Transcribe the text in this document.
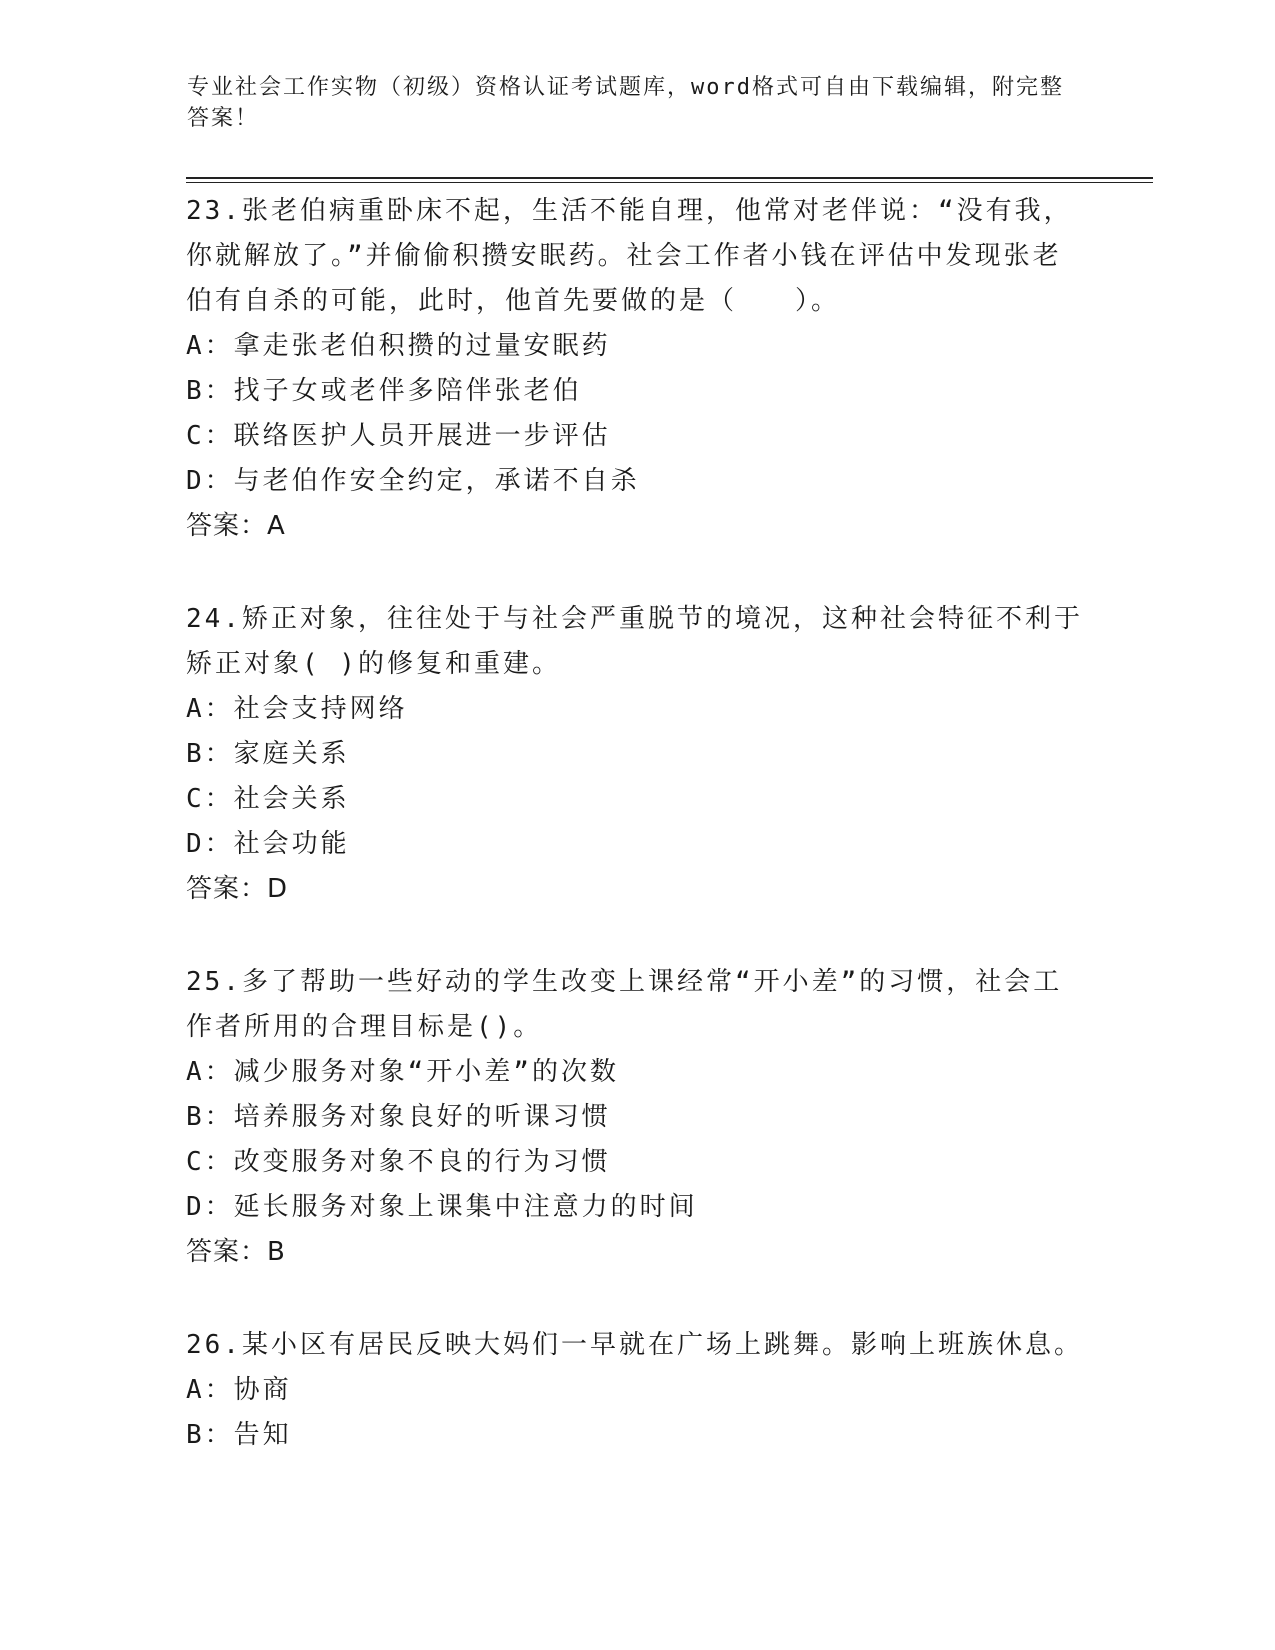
专业社会工作实物（初级）资格认证考试题库，word格式可自由下载编辑，附完整答案！

23.张老伯病重卧床不起，生活不能自理，他常对老伴说：“没有我，你就解放了。”并偷偷积攒安眠药。社会工作者小钱在评估中发现张老伯有自杀的可能，此时，他首先要做的是（　　）。

A：拿走张老伯积攒的过量安眠药

B：找子女或老伴多陪伴张老伯

C：联络医护人员开展进一步评估

D：与老伯作安全约定，承诺不自杀

答案：A

24.矫正对象，往往处于与社会严重脱节的境况，这种社会特征不利于矫正对象( )的修复和重建。

A：社会支持网络

B：家庭关系

C：社会关系

D：社会功能

答案：D

25.多了帮助一些好动的学生改变上课经常“开小差”的习惯，社会工作者所用的合理目标是()。

A：减少服务对象“开小差”的次数

B：培养服务对象良好的听课习惯

C：改变服务对象不良的行为习惯

D：延长服务对象上课集中注意力的时间

答案：B

26.某小区有居民反映大妈们一早就在广场上跳舞。影响上班族休息。

A：协商

B：告知
